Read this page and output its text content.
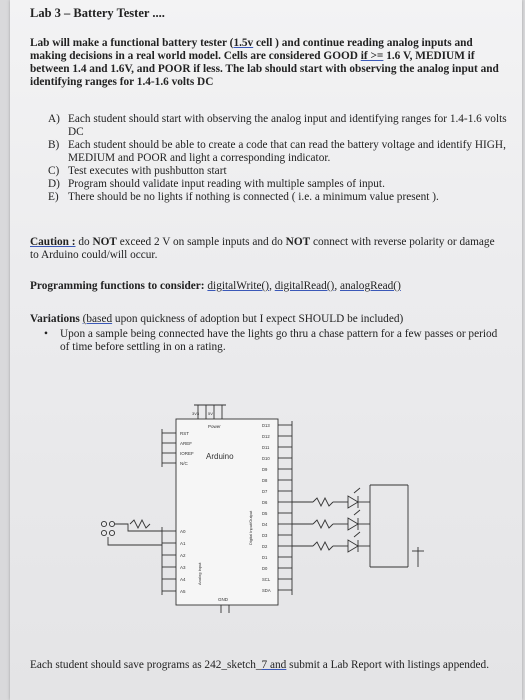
Lab 3 – Battery Tester ....
Lab will make a functional battery tester (1.5v cell ) and continue reading analog inputs and making decisions in a real world model. Cells are considered GOOD if >= 1.6 V, MEDIUM if between 1.4 and 1.6V, and POOR if less. The lab should start with observing the analog input and identifying ranges for 1.4-1.6 volts DC
A) Each student should start with observing the analog input and identifying ranges for 1.4-1.6 volts DC
B) Each student should be able to create a code that can read the battery voltage and identify HIGH, MEDIUM and POOR and light a corresponding indicator.
C) Test executes with pushbutton start
D) Program should validate input reading with multiple samples of input.
E) There should be no lights if nothing is connected ( i.e. a minimum value present ).
Caution : do NOT exceed 2 V on sample inputs and do NOT connect with reverse polarity or damage to Arduino could/will occur.
Programming functions to consider: digitalWrite(), digitalRead(), analogRead()
Variations (based upon quickness of adoption but I expect SHOULD be included)
• Upon a sample being connected have the lights go thru a chase pattern for a few passes or period of time before settling in on a rating.
Arduino
Power
3V3 5V
GND
RST
AREF
IOREF
N/C
A0
A1
A2
A3
A4
A5
D13
D12
D11
D10
D9
D8
D7
D6
D5
D4
D3
D2
D1
D0
SCL
SDA
Analog Input
Digital Input/Output
Each student should save programs as 242_sketch_7 and submit a Lab Report with listings appended.
